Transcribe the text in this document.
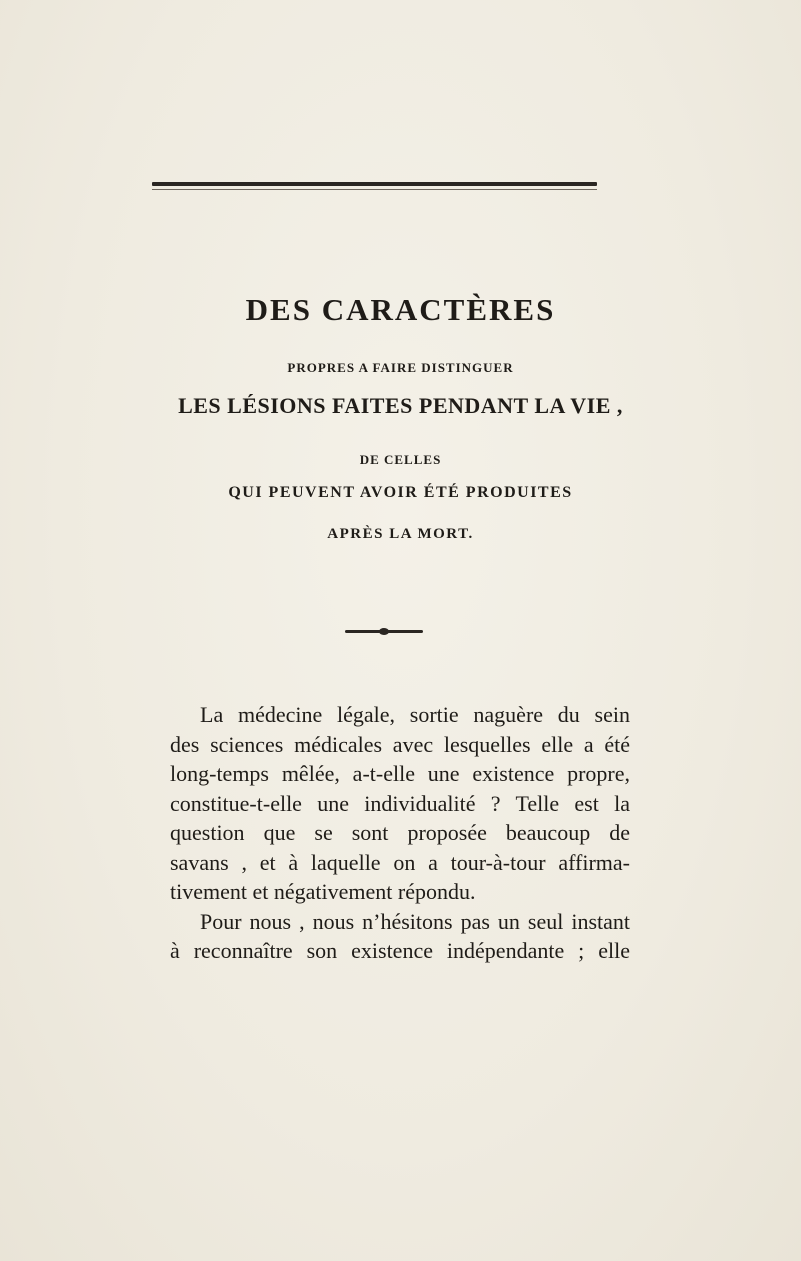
DES CARACTÈRES
PROPRES A FAIRE DISTINGUER
LES LÉSIONS FAITES PENDANT LA VIE ,
DE CELLES
QUI PEUVENT AVOIR ÉTÉ PRODUITES
APRÈS LA MORT.
La médecine légale, sortie naguère du sein
des sciences médicales avec lesquelles elle a été
long-temps mêlée, a-t-elle une existence propre,
constitue-t-elle une individualité ? Telle est la
question que se sont proposée beaucoup de
savans , et à laquelle on a tour-à-tour affirma-
tivement et négativement répondu.
Pour nous , nous n’hésitons pas un seul instant
à reconnaître son existence indépendante ; elle
